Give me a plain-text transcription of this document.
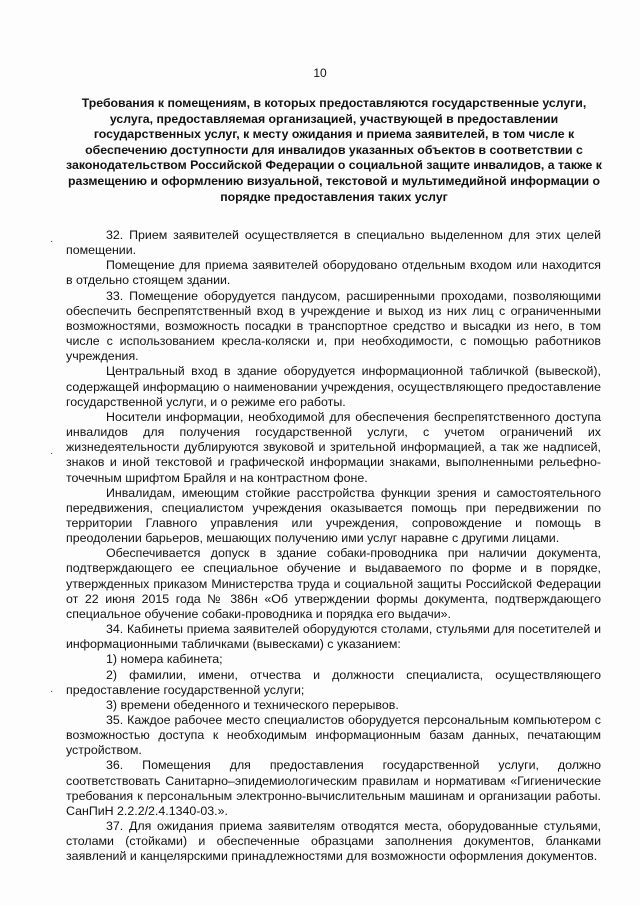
10
Требования к помещениям, в которых предоставляются государственные услуги, услуга, предоставляемая организацией, участвующей в предоставлении государственных услуг, к месту ожидания и приема заявителей, в том числе к обеспечению доступности для инвалидов указанных объектов в соответствии с законодательством Российской Федерации о социальной защите инвалидов, а также к размещению и оформлению визуальной, текстовой и мультимедийной информации о порядке предоставления таких услуг

32. Прием заявителей осуществляется в специально выделенном для этих целей помещении.

Помещение для приема заявителей оборудовано отдельным входом или находится в отдельно стоящем здании.

33. Помещение оборудуется пандусом, расширенными проходами, позволяющими обеспечить беспрепятственный вход в учреждение и выход из них лиц с ограниченными возможностями, возможность посадки в транспортное средство и высадки из него, в том числе с использованием кресла-коляски и, при необходимости, с помощью работников учреждения.

Центральный вход в здание оборудуется информационной табличкой (вывеской), содержащей информацию о наименовании учреждения, осуществляющего предоставление государственной услуги, и о режиме его работы.

Носители информации, необходимой для обеспечения беспрепятственного доступа инвалидов для получения государственной услуги, с учетом ограничений их жизнедеятельности дублируются звуковой и зрительной информацией, а так же надписей, знаков и иной текстовой и графической информации знаками, выполненными рельефно-точечным шрифтом Брайля и на контрастном фоне.

Инвалидам, имеющим стойкие расстройства функции зрения и самостоятельного передвижения, специалистом учреждения оказывается помощь при передвижении по территории Главного управления или учреждения, сопровождение и помощь в преодолении барьеров, мешающих получению ими услуг наравне с другими лицами.

Обеспечивается допуск в здание собаки-проводника при наличии документа, подтверждающего ее специальное обучение и выдаваемого по форме и в порядке, утвержденных приказом Министерства труда и социальной защиты Российской Федерации от 22 июня 2015 года № 386н «Об утверждении формы документа, подтверждающего специальное обучение собаки-проводника и порядка его выдачи».

34. Кабинеты приема заявителей оборудуются столами, стульями для посетителей и информационными табличками (вывесками) с указанием:

1) номера кабинета;

2) фамилии, имени, отчества и должности специалиста, осуществляющего предоставление государственной услуги;

3) времени обеденного и технического перерывов.

35. Каждое рабочее место специалистов оборудуется персональным компьютером с возможностью доступа к необходимым информационным базам данных, печатающим устройством.

36. Помещения для предоставления государственной услуги, должно соответствовать Санитарно–эпидемиологическим правилам и нормативам «Гигиенические требования к персональным электронно-вычислительным машинам и организации работы. СанПиН 2.2.2/2.4.1340-03.».

37. Для ожидания приема заявителям отводятся места, оборудованные стульями, столами (стойками) и обеспеченные образцами заполнения документов, бланками заявлений и канцелярскими принадлежностями для возможности оформления документов.

·
·
·
